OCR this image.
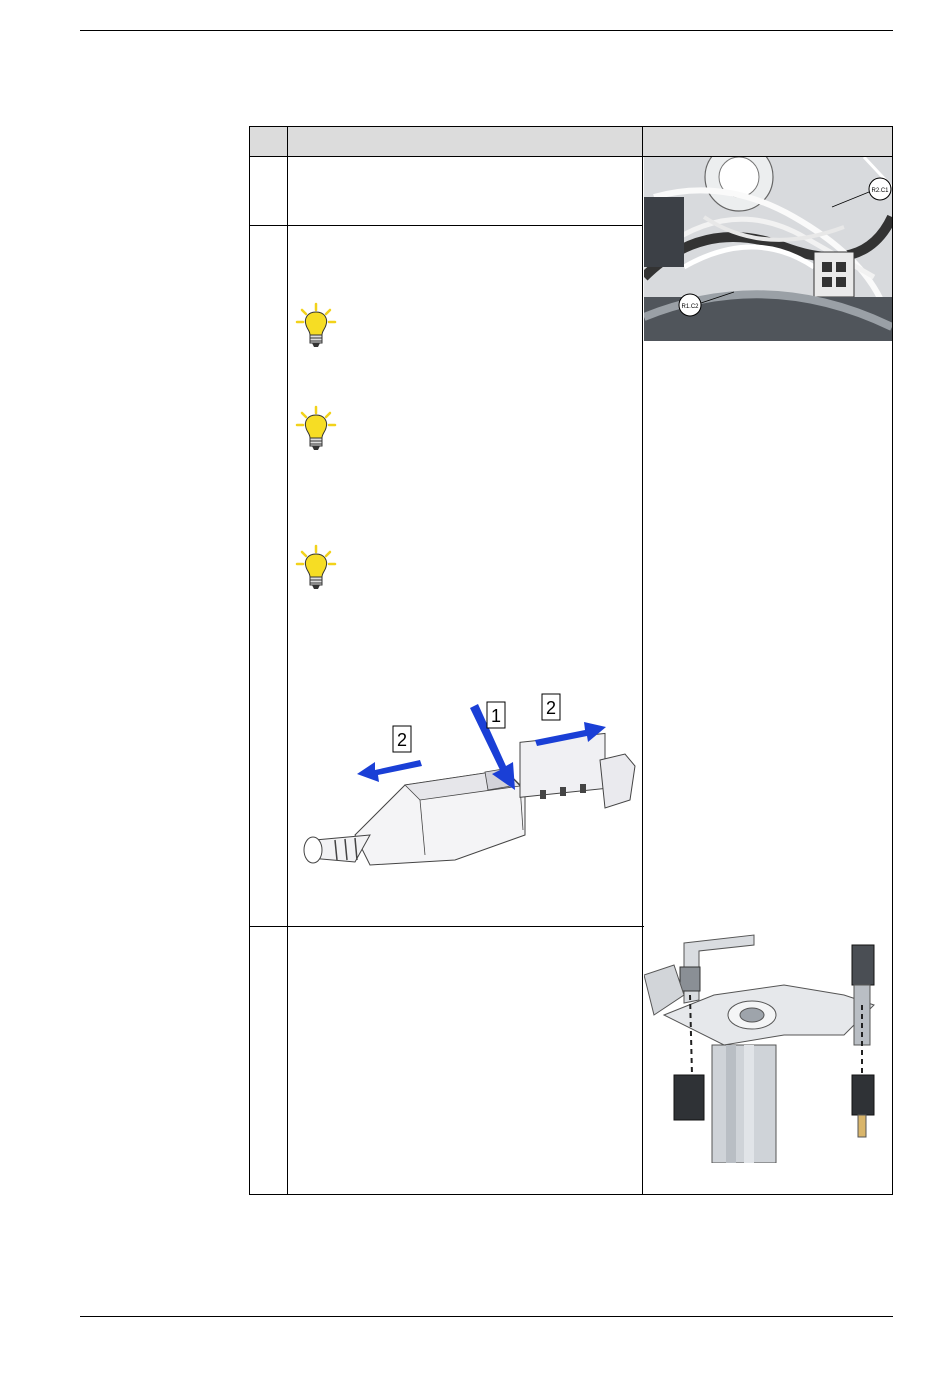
R2.C1
R1.C2
1
2
2
